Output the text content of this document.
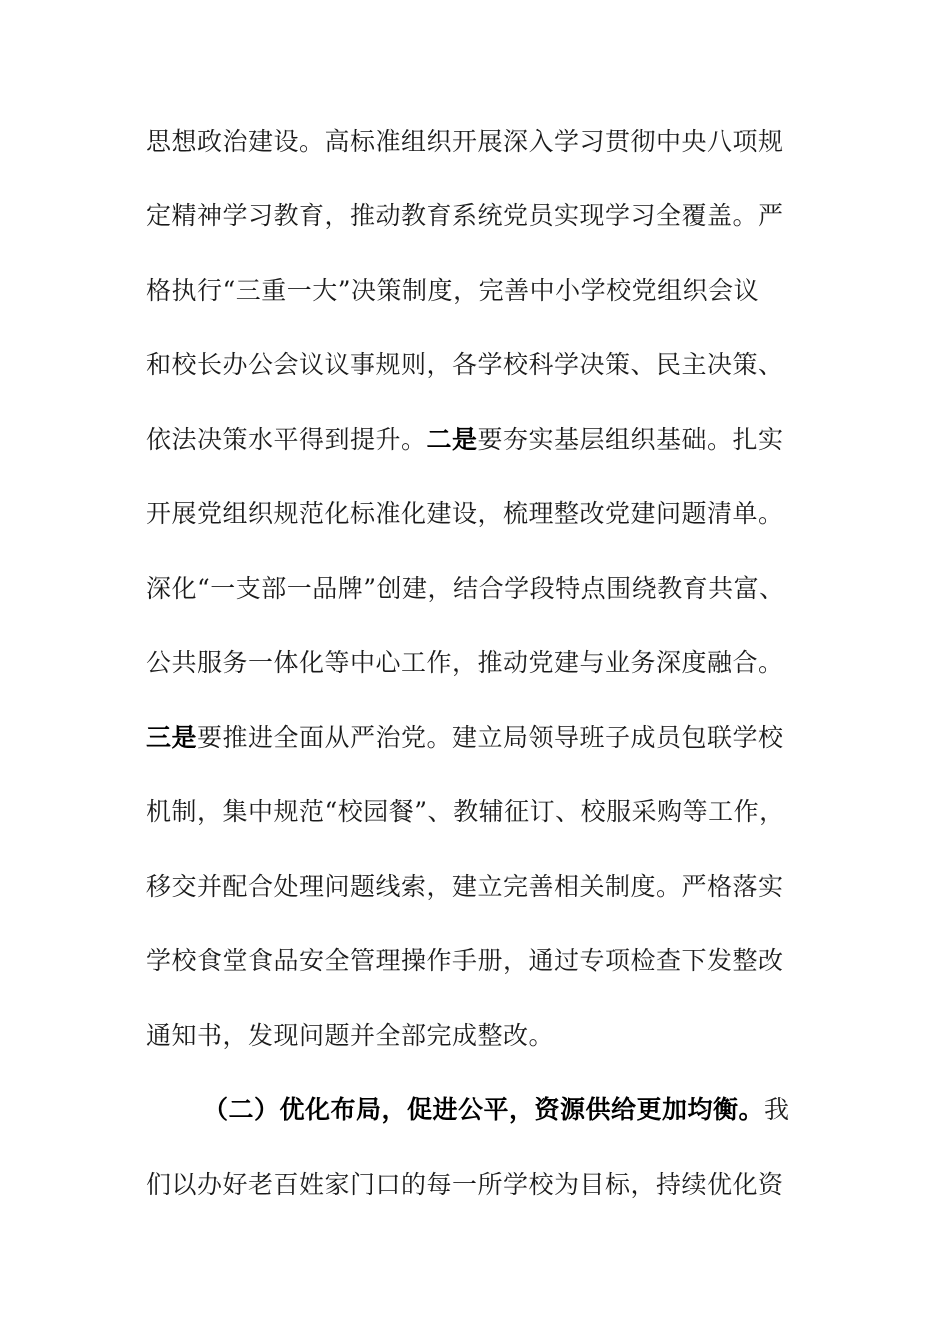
思想政治建设。高标准组织开展深入学习贯彻中央八项规
定精神学习教育，推动教育系统党员实现学习全覆盖。严
格执行“三重一大”决策制度，完善中小学校党组织会议
和校长办公会议议事规则，各学校科学决策、民主决策、
依法决策水平得到提升。二是要夯实基层组织基础。扎实
开展党组织规范化标准化建设，梳理整改党建问题清单。
深化“一支部一品牌”创建，结合学段特点围绕教育共富、
公共服务一体化等中心工作，推动党建与业务深度融合。
三是要推进全面从严治党。建立局领导班子成员包联学校
机制，集中规范“校园餐”、教辅征订、校服采购等工作，
移交并配合处理问题线索，建立完善相关制度。严格落实
学校食堂食品安全管理操作手册，通过专项检查下发整改
通知书，发现问题并全部完成整改。
（二）优化布局，促进公平，资源供给更加均衡。我
们以办好老百姓家门口的每一所学校为目标，持续优化资
